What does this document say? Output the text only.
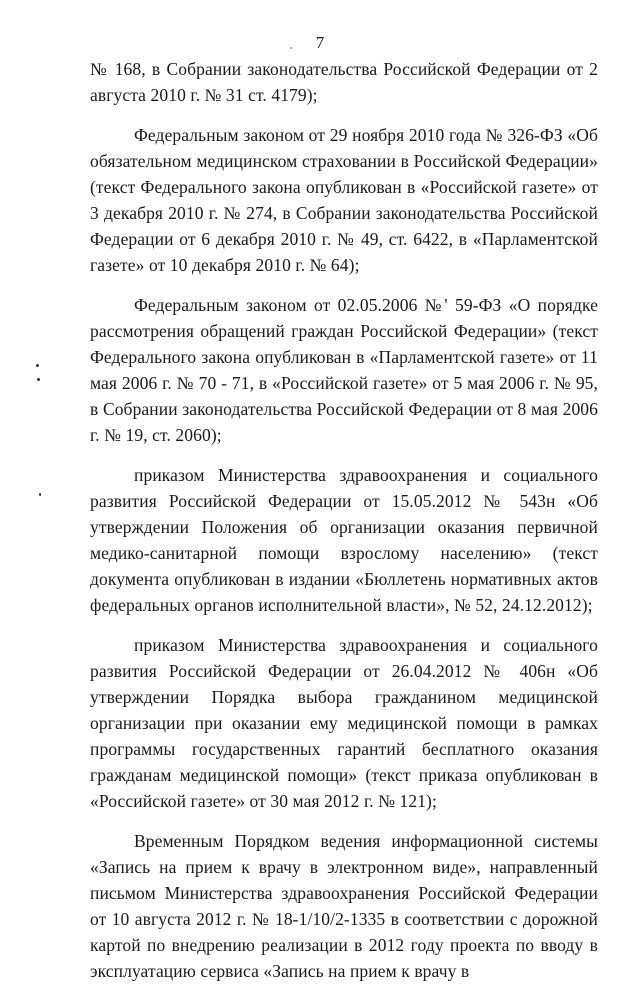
7

№ 168, в Собрании законодательства Российской Федерации от 2 августа 2010 г. № 31 ст. 4179);

Федеральным законом от 29 ноября 2010 года № 326-ФЗ «Об обязательном медицинском страховании в Российской Федерации» (текст Федерального закона опубликован в «Российской газете» от 3 декабря 2010 г. № 274, в Собрании законодательства Российской Федерации от 6 декабря 2010 г. № 49, ст. 6422, в «Парламентской газете» от 10 декабря 2010 г. № 64);

Федеральным законом от 02.05.2006 №' 59-ФЗ «О порядке рассмотрения обращений граждан Российской Федерации» (текст Федерального закона опубликован в «Парламентской газете» от 11 мая 2006 г. № 70 - 71, в «Российской газете» от 5 мая 2006 г. № 95, в Собрании законодательства Российской Федерации от 8 мая 2006 г. № 19, ст. 2060);

приказом Министерства здравоохранения и социального развития Российской Федерации от 15.05.2012 № 543н «Об утверждении Положения об организации оказания первичной медико-санитарной помощи взрослому населению» (текст документа опубликован в издании «Бюллетень нормативных актов федеральных органов исполнительной власти», № 52, 24.12.2012);

приказом Министерства здравоохранения и социального развития Российской Федерации от 26.04.2012 № 406н «Об утверждении Порядка выбора гражданином медицинской организации при оказании ему медицинской помощи в рамках программы государственных гарантий бесплатного оказания гражданам медицинской помощи» (текст приказа опубликован в «Российской газете» от 30 мая 2012 г. № 121);

Временным Порядком ведения информационной системы «Запись на прием к врачу в электронном виде», направленный письмом Министерства здравоохранения Российской Федерации от 10 августа 2012 г. № 18-1/10/2-1335 в соответствии с дорожной картой по внедрению реализации в 2012 году проекта по вводу в эксплуатацию сервиса «Запись на прием к врачу в
